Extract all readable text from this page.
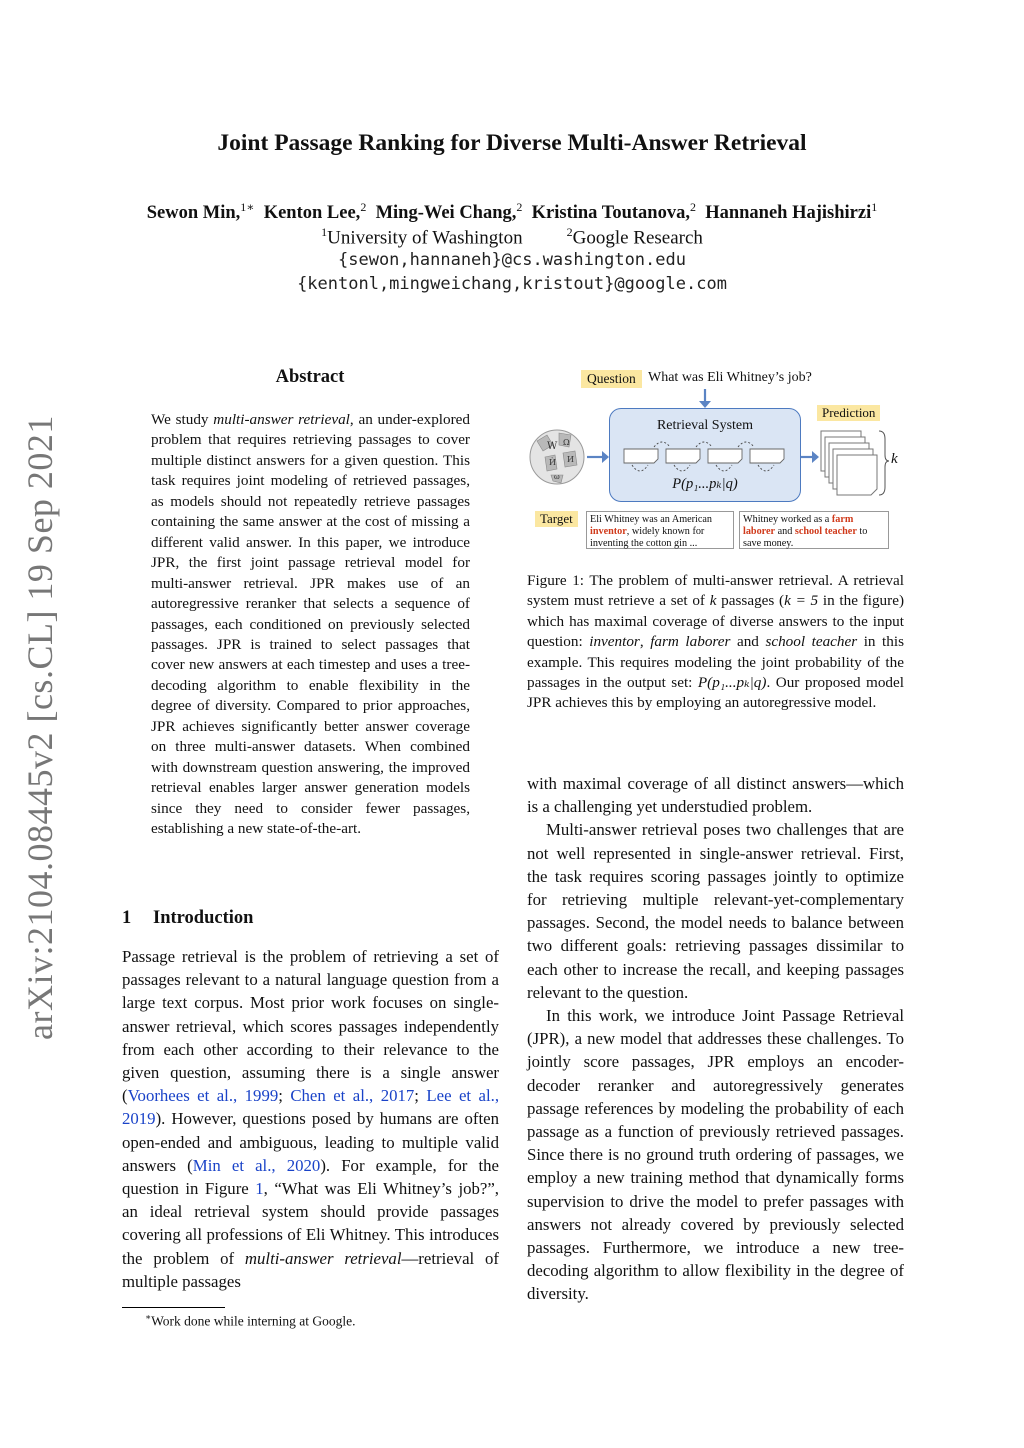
arXiv:2104.08445v2 [cs.CL] 19 Sep 2021
Joint Passage Ranking for Diverse Multi-Answer Retrieval
Sewon Min,$^{1∗}$ Kenton Lee,$^2$ Ming-Wei Chang,$^2$ Kristina Toutanova,$^2$ Hannaneh Hajishirzi$^1$
$^1$University of Washington	$^2$Google Research
{sewon,hannaneh}@cs.washington.edu
{kentonl,mingweichang,kristout}@google.com
Abstract
We study multi-answer retrieval, an under-explored problem that requires retrieving passages to cover multiple distinct answers for a given question. This task requires joint modeling of retrieved passages, as models should not repeatedly retrieve passages containing the same answer at the cost of missing a different valid answer. In this paper, we introduce JPR, the first joint passage retrieval model for multi-answer retrieval. JPR makes use of an autoregressive reranker that selects a sequence of passages, each conditioned on previously selected passages. JPR is trained to select passages that cover new answers at each timestep and uses a tree-decoding algorithm to enable flexibility in the degree of diversity. Compared to prior approaches, JPR achieves significantly better answer coverage on three multi-answer datasets. When combined with downstream question answering, the improved retrieval enables larger answer generation models since they need to consider fewer passages, establishing a new state-of-the-art.
1 Introduction

Passage retrieval is the problem of retrieving a set of passages relevant to a natural language question from a large text corpus. Most prior work focuses on single-answer retrieval, which scores passages independently from each other according to their relevance to the given question, assuming there is a single answer (Voorhees et al., 1999; Chen et al., 2017; Lee et al., 2019). However, questions posed by humans are often open-ended and ambiguous, leading to multiple valid answers (Min et al., 2020). For example, for the question in Figure 1, “What was Eli Whitney’s job?”, an ideal retrieval system should provide passages covering all professions of Eli Whitney. This introduces the problem of multi-answer retrieval—retrieval of multiple passages

∗Work done while interning at Google.
W Ω
Ѝ И
ω
Question What was Eli Whitney’s job?
Retrieval System
P(p₁...pₖ|q)
Prediction
k
Target	Eli Whitney was an American inventor, widely known for inventing the cotton gin ...
Whitney worked as a farm laborer and school teacher to save money.
Figure 1: The problem of multi-answer retrieval. A retrieval system must retrieve a set of k passages (k = 5 in the figure) which has maximal coverage of diverse answers to the input question: inventor, farm laborer and school teacher in this example. This requires modeling the joint probability of the passages in the output set: P(p₁...pₖ|q). Our proposed model JPR achieves this by employing an autoregressive model.

with maximal coverage of all distinct answers—which is a challenging yet understudied problem.

Multi-answer retrieval poses two challenges that are not well represented in single-answer retrieval. First, the task requires scoring passages jointly to optimize for retrieving multiple relevant-yet-complementary passages. Second, the model needs to balance between two different goals: retrieving passages dissimilar to each other to increase the recall, and keeping passages relevant to the question.

In this work, we introduce Joint Passage Retrieval (JPR), a new model that addresses these challenges. To jointly score passages, JPR employs an encoder-decoder reranker and autoregressively generates passage references by modeling the probability of each passage as a function of previously retrieved passages. Since there is no ground truth ordering of passages, we employ a new training method that dynamically forms supervision to drive the model to prefer passages with answers not already covered by previously selected passages. Furthermore, we introduce a new tree-decoding algorithm to allow flexibility in the degree of diversity.
